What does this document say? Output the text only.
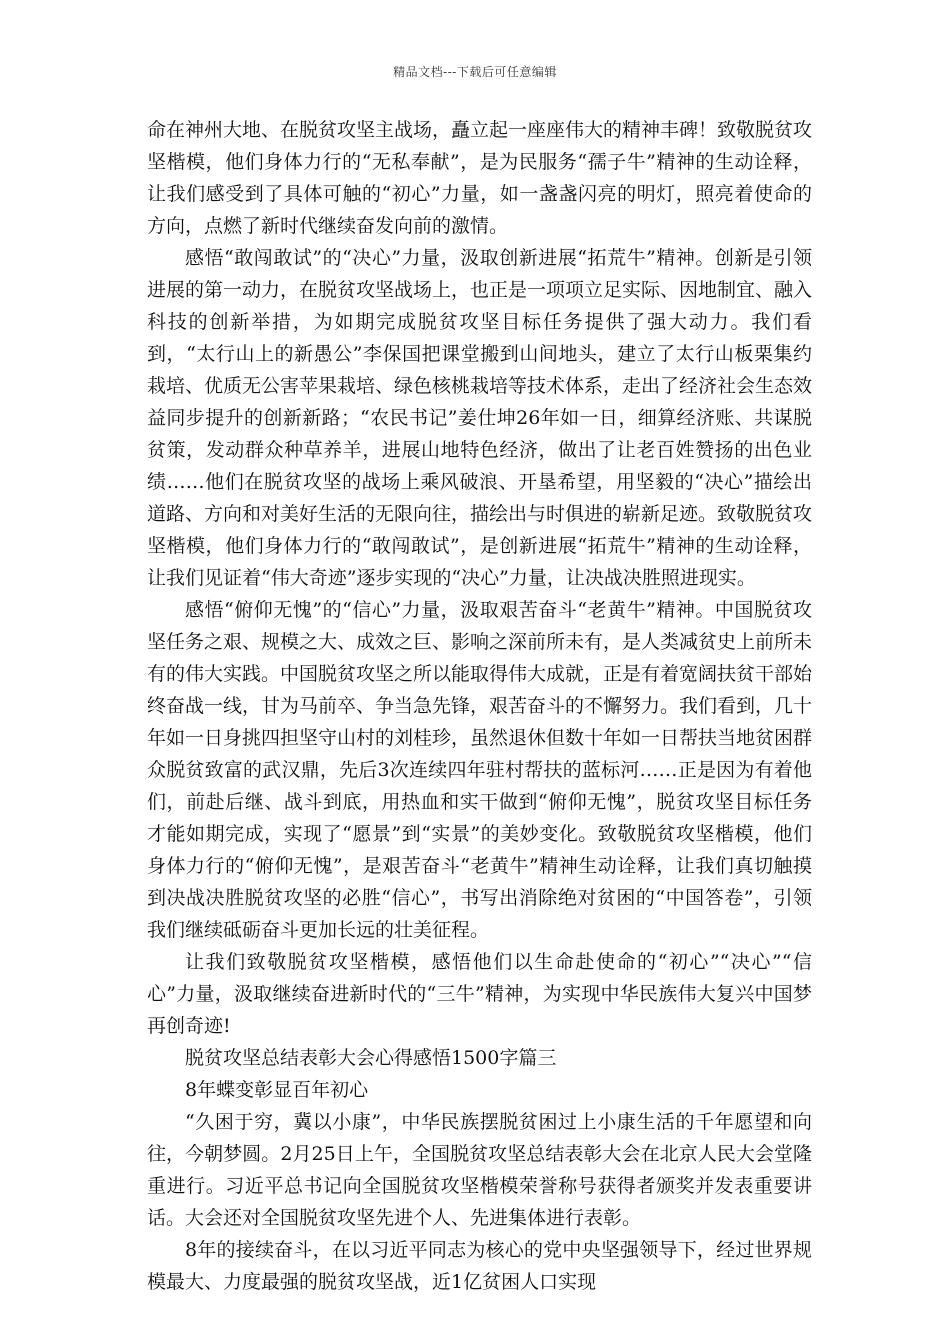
精品文档---下载后可任意编辑

命在神州大地、在脱贫攻坚主战场，矗立起一座座伟大的精神丰碑！致敬脱贫攻坚楷模，他们身体力行的“无私奉献”，是为民服务“孺子牛”精神的生动诠释，让我们感受到了具体可触的“初心”力量，如一盏盏闪亮的明灯，照亮着使命的方向，点燃了新时代继续奋发向前的激情。

感悟“敢闯敢试”的“决心”力量，汲取创新进展“拓荒牛”精神。创新是引领进展的第一动力，在脱贫攻坚战场上，也正是一项项立足实际、因地制宜、融入科技的创新举措，为如期完成脱贫攻坚目标任务提供了强大动力。我们看到，“太行山上的新愚公”李保国把课堂搬到山间地头，建立了太行山板栗集约栽培、优质无公害苹果栽培、绿色核桃栽培等技术体系，走出了经济社会生态效益同步提升的创新新路；“农民书记”姜仕坤26年如一日，细算经济账、共谋脱贫策，发动群众种草养羊，进展山地特色经济，做出了让老百姓赞扬的出色业绩……他们在脱贫攻坚的战场上乘风破浪、开垦希望，用坚毅的“决心”描绘出道路、方向和对美好生活的无限向往，描绘出与时俱进的崭新足迹。致敬脱贫攻坚楷模，他们身体力行的“敢闯敢试”，是创新进展“拓荒牛”精神的生动诠释，让我们见证着“伟大奇迹”逐步实现的“决心”力量，让决战决胜照进现实。

感悟“俯仰无愧”的“信心”力量，汲取艰苦奋斗“老黄牛”精神。中国脱贫攻坚任务之艰、规模之大、成效之巨、影响之深前所未有，是人类减贫史上前所未有的伟大实践。中国脱贫攻坚之所以能取得伟大成就，正是有着宽阔扶贫干部始终奋战一线，甘为马前卒、争当急先锋，艰苦奋斗的不懈努力。我们看到，几十年如一日身挑四担坚守山村的刘桂珍，虽然退休但数十年如一日帮扶当地贫困群众脱贫致富的武汉鼎，先后3次连续四年驻村帮扶的蓝标河……正是因为有着他们，前赴后继、战斗到底，用热血和实干做到“俯仰无愧”，脱贫攻坚目标任务才能如期完成，实现了“愿景”到“实景”的美妙变化。致敬脱贫攻坚楷模，他们身体力行的“俯仰无愧”，是艰苦奋斗“老黄牛”精神生动诠释，让我们真切触摸到决战决胜脱贫攻坚的必胜“信心”，书写出消除绝对贫困的“中国答卷”，引领我们继续砥砺奋斗更加长远的壮美征程。

让我们致敬脱贫攻坚楷模，感悟他们以生命赴使命的“初心”“决心”“信心”力量，汲取继续奋进新时代的“三牛”精神，为实现中华民族伟大复兴中国梦再创奇迹!

脱贫攻坚总结表彰大会心得感悟1500字篇三

8年蝶变彰显百年初心

“久困于穷，冀以小康”，中华民族摆脱贫困过上小康生活的千年愿望和向往，今朝梦圆。2月25日上午，全国脱贫攻坚总结表彰大会在北京人民大会堂隆重进行。习近平总书记向全国脱贫攻坚楷模荣誉称号获得者颁奖并发表重要讲话。大会还对全国脱贫攻坚先进个人、先进集体进行表彰。

8年的接续奋斗，在以习近平同志为核心的党中央坚强领导下，经过世界规模最大、力度最强的脱贫攻坚战，近1亿贫困人口实现
